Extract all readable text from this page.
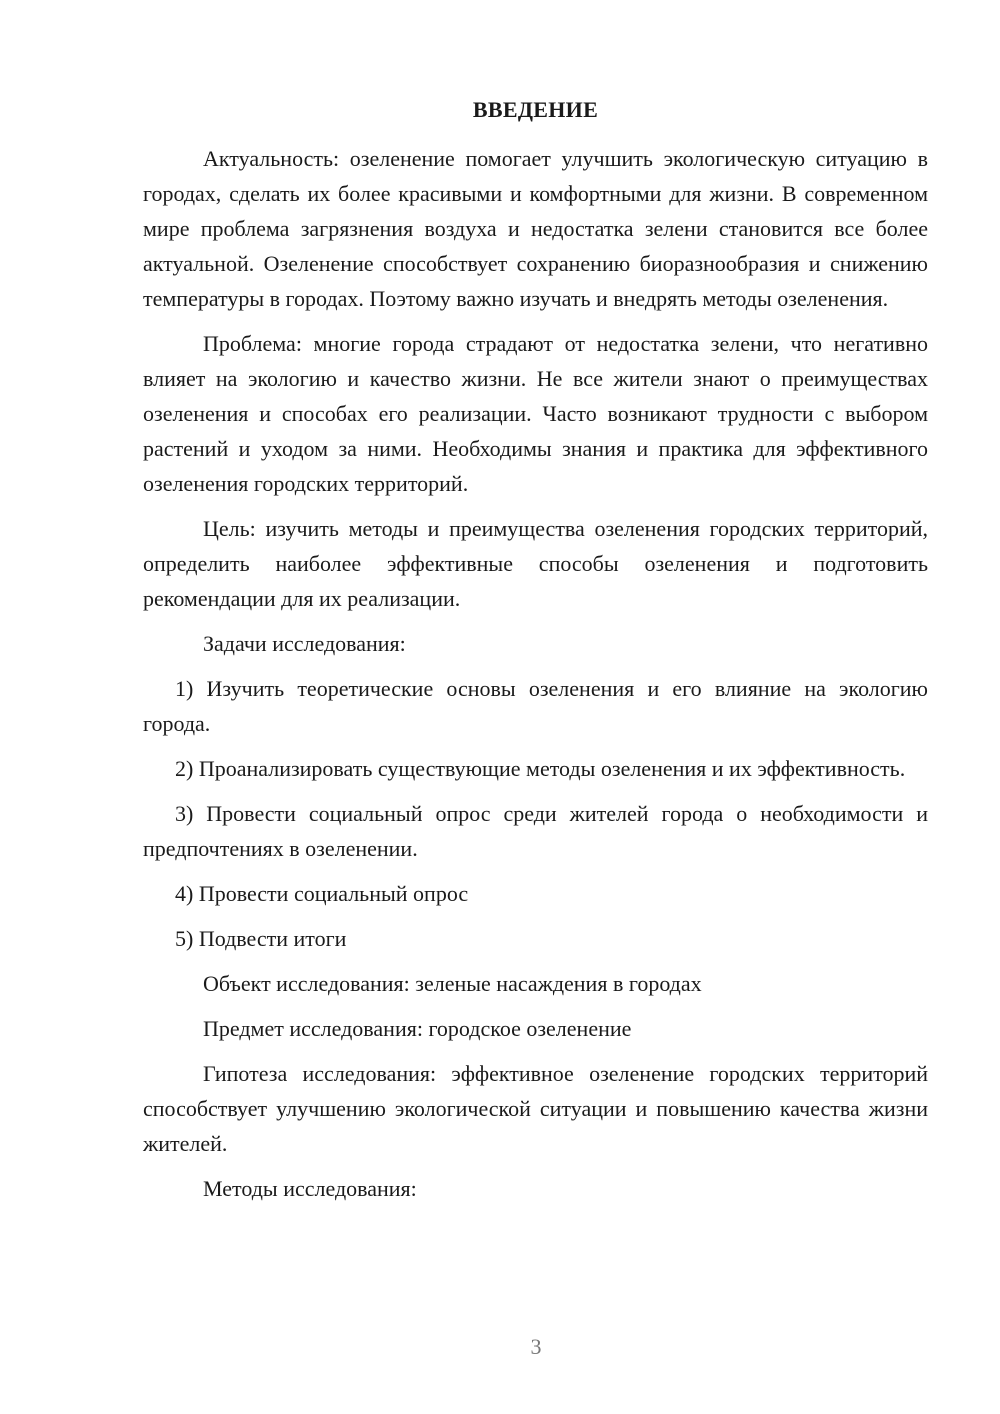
ВВЕДЕНИЕ

Актуальность: озеленение помогает улучшить экологическую ситуацию в городах, сделать их более красивыми и комфортными для жизни. В современном мире проблема загрязнения воздуха и недостатка зелени становится все более актуальной. Озеленение способствует сохранению биоразнообразия и снижению температуры в городах. Поэтому важно изучать и внедрять методы озеленения.

Проблема: многие города страдают от недостатка зелени, что негативно влияет на экологию и качество жизни. Не все жители знают о преимуществах озеленения и способах его реализации. Часто возникают трудности с выбором растений и уходом за ними. Необходимы знания и практика для эффективного озеленения городских территорий.

Цель: изучить методы и преимущества озеленения городских территорий, определить наиболее эффективные способы озеленения и подготовить рекомендации для их реализации.

Задачи исследования:

1) Изучить теоретические основы озеленения и его влияние на экологию города.

2) Проанализировать существующие методы озеленения и их эффективность.

3) Провести социальный опрос среди жителей города о необходимости и предпочтениях в озеленении.

4) Провести социальный опрос

5) Подвести итоги

Объект исследования: зеленые насаждения в городах

Предмет исследования: городское озеленение

Гипотеза исследования: эффективное озеленение городских территорий способствует улучшению экологической ситуации и повышению качества жизни жителей.

Методы исследования:

3
